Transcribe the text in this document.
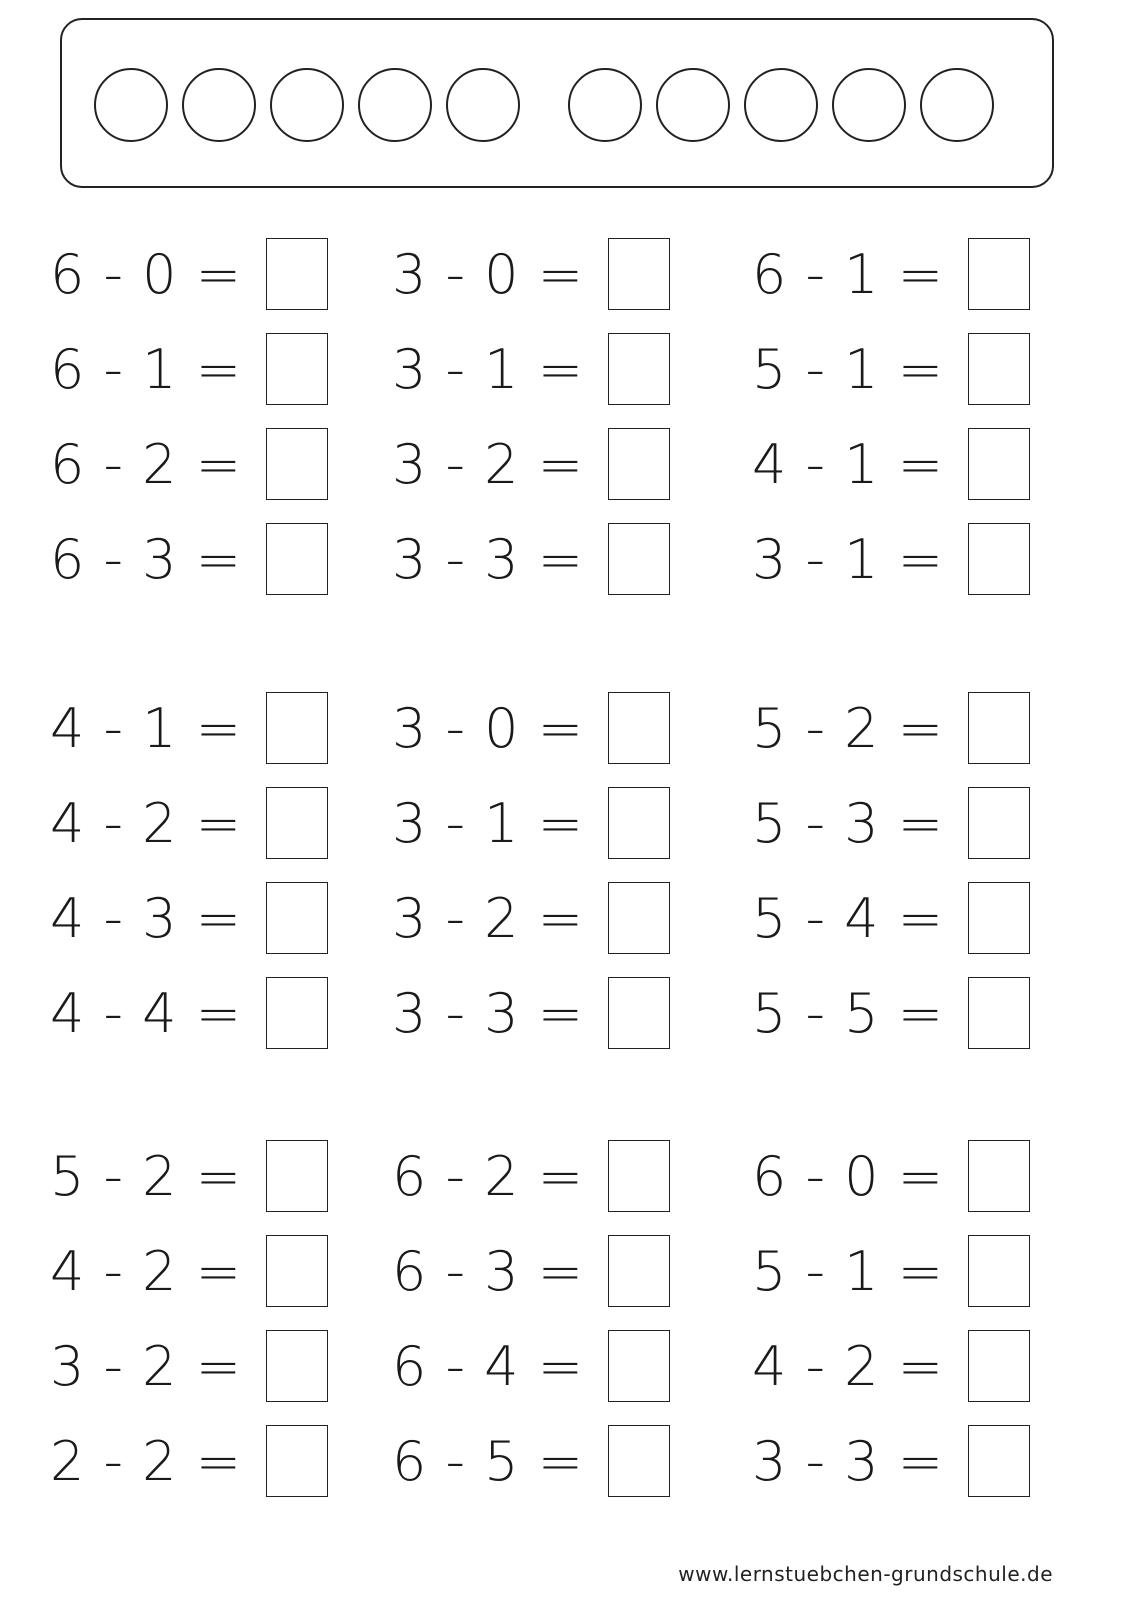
6 - 0 =	3 - 0 =	6 - 1 =
6 - 1 =	3 - 1 =	5 - 1 =
6 - 2 =	3 - 2 =	4 - 1 =
6 - 3 =	3 - 3 =	3 - 1 =
4 - 1 =	3 - 0 =	5 - 2 =
4 - 2 =	3 - 1 =	5 - 3 =
4 - 3 =	3 - 2 =	5 - 4 =
4 - 4 =	3 - 3 =	5 - 5 =
5 - 2 =	6 - 2 =	6 - 0 =
4 - 2 =	6 - 3 =	5 - 1 =
3 - 2 =	6 - 4 =	4 - 2 =
2 - 2 =	6 - 5 =	3 - 3 =
www.lernstuebchen-grundschule.de
